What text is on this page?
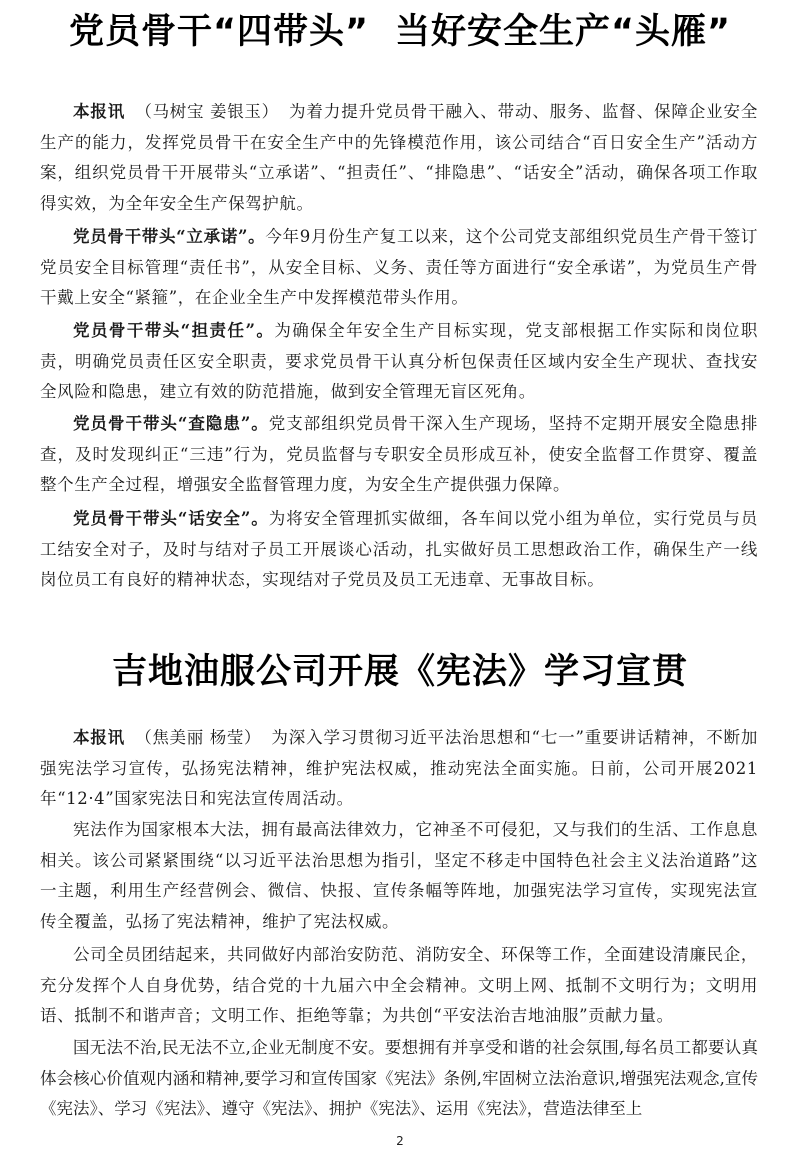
党员骨干“四带头” 当好安全生产“头雁”

本报讯 （马树宝 姜银玉） 为着力提升党员骨干融入、带动、服务、监督、保障企业安全生产的能力，发挥党员骨干在安全生产中的先锋模范作用，该公司结合“百日安全生产”活动方案，组织党员骨干开展带头“立承诺”、“担责任”、“排隐患”、“话安全”活动，确保各项工作取得实效，为全年安全生产保驾护航。

党员骨干带头“立承诺”。今年9月份生产复工以来，这个公司党支部组织党员生产骨干签订党员安全目标管理“责任书”，从安全目标、义务、责任等方面进行“安全承诺”，为党员生产骨干戴上安全“紧箍”，在企业全生产中发挥模范带头作用。

党员骨干带头“担责任”。为确保全年安全生产目标实现，党支部根据工作实际和岗位职责，明确党员责任区安全职责，要求党员骨干认真分析包保责任区域内安全生产现状、查找安全风险和隐患，建立有效的防范措施，做到安全管理无盲区死角。

党员骨干带头“查隐患”。党支部组织党员骨干深入生产现场，坚持不定期开展安全隐患排查，及时发现纠正“三违”行为，党员监督与专职安全员形成互补，使安全监督工作贯穿、覆盖整个生产全过程，增强安全监督管理力度，为安全生产提供强力保障。

党员骨干带头“话安全”。为将安全管理抓实做细，各车间以党小组为单位，实行党员与员工结安全对子，及时与结对子员工开展谈心活动，扎实做好员工思想政治工作，确保生产一线岗位员工有良好的精神状态，实现结对子党员及员工无违章、无事故目标。

吉地油服公司开展《宪法》学习宣贯

本报讯 （焦美丽 杨莹） 为深入学习贯彻习近平法治思想和“七一”重要讲话精神，不断加强宪法学习宣传，弘扬宪法精神，维护宪法权威，推动宪法全面实施。日前，公司开展2021年“12·4”国家宪法日和宪法宣传周活动。

宪法作为国家根本大法，拥有最高法律效力，它神圣不可侵犯，又与我们的生活、工作息息相关。该公司紧紧围绕“以习近平法治思想为指引，坚定不移走中国特色社会主义法治道路”这一主题，利用生产经营例会、微信、快报、宣传条幅等阵地，加强宪法学习宣传，实现宪法宣传全覆盖，弘扬了宪法精神，维护了宪法权威。

公司全员团结起来，共同做好内部治安防范、消防安全、环保等工作，全面建设清廉民企，充分发挥个人自身优势，结合党的十九届六中全会精神。文明上网、抵制不文明行为；文明用语、抵制不和谐声音；文明工作、拒绝等靠；为共创“平安法治吉地油服”贡献力量。

国无法不治,民无法不立,企业无制度不安。要想拥有并享受和谐的社会氛围,每名员工都要认真体会核心价值观内涵和精神,要学习和宣传国家《宪法》条例,牢固树立法治意识,增强宪法观念,宣传《宪法》、学习《宪法》、遵守《宪法》、拥护《宪法》、运用《宪法》，营造法律至上

2
